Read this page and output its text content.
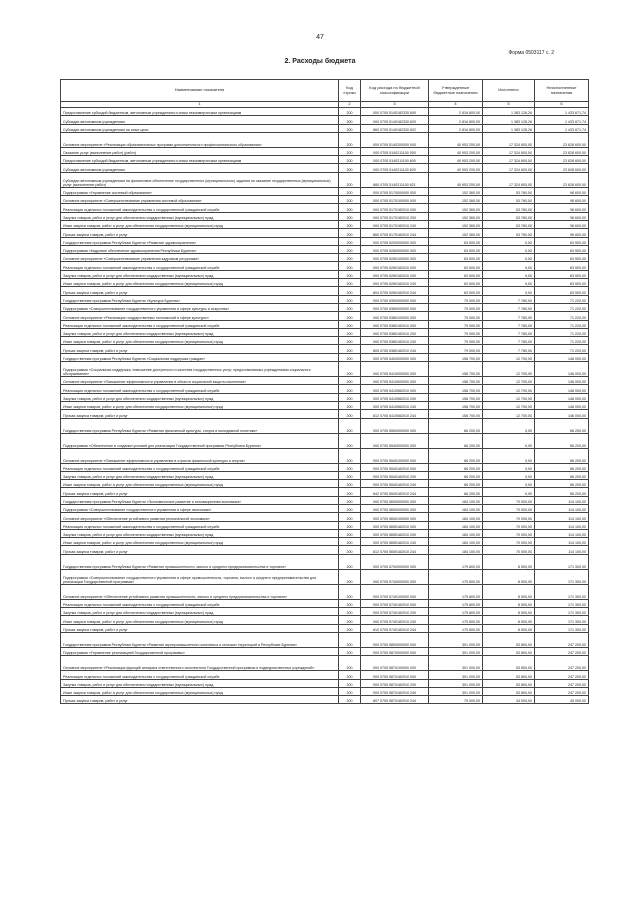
47
Форма 0503117 с. 2
2. Расходы бюджета
Наименование показателя	Код строки	Код расхода по бюджетной классификации	Утвержденные бюджетные назначения	Исполнено	Неисполненные назначения
1	2	3	4	5	6
Предоставление субсидий бюджетным, автономным учреждениям и иным некоммерческим организациям	200	000 0705 5140182330 600	2 816 800,00	1 383 128,26	1 433 671,74
Субсидии автономным учреждениям	200	000 0705 5140182330 620	2 816 800,00	1 383 128,26	1 433 671,74
Субсидии автономным учреждениям на иные цели	200	860 0705 5140182330 622	2 816 800,00	1 383 128,26	1 433 671,74
Основное мероприятие «Реализация образовательных программ дополнительного профессионального образования»	200	000 0705 5140200000 000	40 953 200,00	17 324 600,00	23 628 600,00
Оказание услуг (выполнение работ) (работ)	200	000 0705 5140211100 000	40 953 200,00	17 324 600,00	23 628 600,00
Предоставление субсидий бюджетным, автономным учреждениям и иным некоммерческим организациям	200	000 0705 5140211100 600	40 953 200,00	17 324 600,00	23 628 600,00
Субсидии автономным учреждениям	200	000 0705 5140211100 620	40 953 200,00	17 324 600,00	23 628 600,00
Субсидии автономным учреждениям на финансовое обеспечение государственного (муниципального) задания на оказание государственных (муниципальных) услуг (выполнение работ)	200	860 0705 5140211100 621	40 953 200,00	17 324 600,00	23 628 600,00
Подпрограмма «Управление системой образования»	200	000 0705 5170000000 000	152 360,00	53 760,00	98 600,00
Основное мероприятие «Совершенствование управления системой образования»	200	000 0705 5170100000 000	152 360,00	53 760,00	98 600,00
Реализация отдельных положений законодательства о государственной гражданской службе	200	000 0705 5170182010 000	152 360,00	53 760,00	98 600,00
Закупка товаров, работ и услуг для обеспечения государственных (муниципальных) нужд	200	000 0705 5170182010 200	152 360,00	53 760,00	98 600,00
Иные закупки товаров, работ и услуг для обеспечения государственных (муниципальных) нужд	200	000 0705 5170182010 240	152 360,00	53 760,00	98 600,00
Прочая закупка товаров, работ и услуг	200	860 0705 5170182010 244	152 360,00	53 760,00	98 600,00
Государственная программа Республики Бурятия «Развитие здравоохранения»	200	000 0705 5200000000 000	63 500,00	0,00	63 500,00
Подпрограмма «Кадровое обеспечение здравоохранения Республики Бурятия»	200	000 0705 5260000000 000	63 500,00	0,00	63 500,00
Основное мероприятие «Совершенствование управления кадровым ресурсами»	200	000 0705 5260100000 000	63 500,00	0,00	63 500,00
Реализация отдельных положений законодательства о государственной гражданской службе	200	000 0705 5260182010 000	63 500,00	0,00	63 500,00
Закупка товаров, работ и услуг для обеспечения государственных (муниципальных) нужд	200	000 0705 5260182010 200	63 500,00	0,00	63 500,00
Иные закупки товаров, работ и услуг для обеспечения государственных (муниципальных) нужд	200	000 0705 5260182010 240	63 500,00	0,00	63 500,00
Прочая закупка товаров, работ и услуг	200	804 0705 5260182010 244	63 500,00	0,00	63 500,00
Государственная программа Республики Бурятия «Культура Бурятии»	200	000 0705 5300000000 000	79 000,00	7 780,00	71 220,00
Подпрограмма «Совершенствование государственного управления в сфере культуры и искусства»	200	000 0705 5380000000 000	79 000,00	7 780,00	71 220,00
Основное мероприятие «Реализация государственных полномочий в сфере культуры»	200	000 0705 5380100000 000	79 000,00	7 780,00	71 220,00
Реализация отдельных положений законодательства о государственной гражданской службе	200	000 0705 5380182010 000	79 000,00	7 780,00	71 220,00
Закупка товаров, работ и услуг для обеспечения государственных (муниципальных) нужд	200	000 0705 5380182010 200	79 000,00	7 780,00	71 220,00
Иные закупки товаров, работ и услуг для обеспечения государственных (муниципальных) нужд	200	000 0705 5380182010 240	79 000,00	7 780,00	71 220,00
Прочая закупка товаров, работ и услуг	200	805 0705 5380182010 244	79 000,00	7 780,00	71 220,00
Государственная программа Республики Бурятия «Социальная поддержка граждан»	200	000 0705 5400000000 000	158 700,00	12 700,00	146 000,00
Подпрограмма «Социальная поддержка, повышение доступности и качества государственных услуг, предоставляемых учреждениями социального обслуживания»	200	000 0705 5410000000 000	158 700,00	12 700,00	146 000,00
Основное мероприятие «Повышение эффективности управления в области социальной защиты населения»	200	000 0705 5410500000 000	158 700,00	12 700,00	146 000,00
Реализация отдельных положений законодательства о государственной гражданской службе	200	000 0705 5410582010 000	158 700,00	12 700,00	146 000,00
Закупка товаров, работ и услуг для обеспечения государственных (муниципальных) нужд	200	000 0705 5410582010 200	158 700,00	12 700,00	146 000,00
Иные закупки товаров, работ и услуг для обеспечения государственных (муниципальных) нужд	200	000 0705 5410582010 240	158 700,00	12 700,00	146 000,00
Прочая закупка товаров, работ и услуг	200	812 0705 5410582010 244	158 700,00	12 700,00	146 000,00
Государственная программа Республики Бурятия «Развитие физической культуры, спорта и молодежной политики»	200	000 0705 5500000000 000	66 200,00	0,00	66 200,00
Подпрограмма «Обеспечение в создании условий для реализации Государственной программы Республики Бурятия»	200	000 0705 5540000000 000	66 200,00	0,00	66 200,00
Основное мероприятие «Повышение эффективности управления в отрасли физической культуры и спорта»	200	000 0705 5540100000 000	66 200,00	0,00	66 200,00
Реализация отдельных положений законодательства о государственной гражданской службе	200	000 0705 5540182010 000	66 200,00	0,00	66 200,00
Закупка товаров, работ и услуг для обеспечения государственных (муниципальных) нужд	200	000 0705 5540182010 200	66 200,00	0,00	66 200,00
Иные закупки товаров, работ и услуг для обеспечения государственных (муниципальных) нужд	200	000 0705 5540182010 240	66 200,00	0,00	66 200,00
Прочая закупка товаров, работ и услуг	200	842 0705 5540182010 244	66 200,00	0,00	66 200,00
Государственная программа Республики Бурятия «Экономическое развитие и инновационная экономика»	200	000 0705 5600000000 000	184 100,00	70 000,00	114 100,00
Подпрограмма «Совершенствование государственного управления в сфере экономики»	200	000 0705 5650000000 000	184 100,00	70 000,00	114 100,00
Основное мероприятие «Обеспечение устойчивого развития региональной экономики»	200	000 0705 5650100000 000	184 100,00	70 000,00	114 100,00
Реализация отдельных положений законодательства о государственной гражданской службе	200	000 0705 5650182010 000	184 100,00	70 000,00	114 100,00
Закупка товаров, работ и услуг для обеспечения государственных (муниципальных) нужд	200	000 0705 5650182010 200	184 100,00	70 000,00	114 100,00
Иные закупки товаров, работ и услуг для обеспечения государственных (муниципальных) нужд	200	000 0705 5650182010 240	184 100,00	70 000,00	114 100,00
Прочая закупка товаров, работ и услуг	200	812 0705 5650182010 244	184 100,00	70 000,00	114 100,00
Государственная программа Республики Бурятия «Развитие промышленности, малого и среднего предпринимательства и торговли»	200	000 0705 5700000000 000	179 800,00	8 500,00	171 300,00
Подпрограмма «Совершенствование государственного управления в сфере промышленности, торговли, малого и среднего предпринимательства для реализации Государственной программы»	200	000 0705 5740000000 000	179 800,00	8 500,00	171 300,00
Основное мероприятие «Обеспечение устойчивого развития промышленности, малого и среднего предпринимательства и торговли»	200	000 0705 5740100000 000	179 800,00	8 500,00	171 300,00
Реализация отдельных положений законодательства о государственной гражданской службе	200	000 0705 5740182010 000	179 800,00	8 500,00	171 300,00
Закупка товаров, работ и услуг для обеспечения государственных (муниципальных) нужд	200	000 0705 5740182010 200	179 800,00	8 500,00	171 300,00
Иные закупки товаров, работ и услуг для обеспечения государственных (муниципальных) нужд	200	000 0705 5740182010 240	179 800,00	8 500,00	171 300,00
Прочая закупка товаров, работ и услуг	200	810 0705 5740182010 244	179 800,00	8 500,00	171 300,00
Государственная программа Республики Бурятия «Развитие агропромышленного комплекса и сельских территорий в Республике Бурятия»	200	000 0705 5800000000 000	301 000,00	53 800,00	247 200,00
Подпрограмма «Управление реализацией Государственной программы»	200	000 0705 5870000000 000	301 000,00	53 800,00	247 200,00
Основное мероприятие «Реализация функций аппарата ответственного исполнителя Государственной программы и подведомственных учреждений»	200	000 0705 5870100000 000	301 000,00	53 800,00	247 200,00
Реализация отдельных положений законодательства о государственной гражданской службе	200	000 0705 5870182010 000	301 000,00	53 800,00	247 200,00
Закупка товаров, работ и услуг для обеспечения государственных (муниципальных) нужд	200	000 0705 5870182010 200	301 000,00	53 800,00	247 200,00
Иные закупки товаров, работ и услуг для обеспечения государственных (муниципальных) нужд	200	000 0705 5870182010 240	301 000,00	53 800,00	247 200,00
Прочая закупка товаров, работ и услуг	200	807 0705 5870182010 244	79 000,00	34 000,00	45 000,00
